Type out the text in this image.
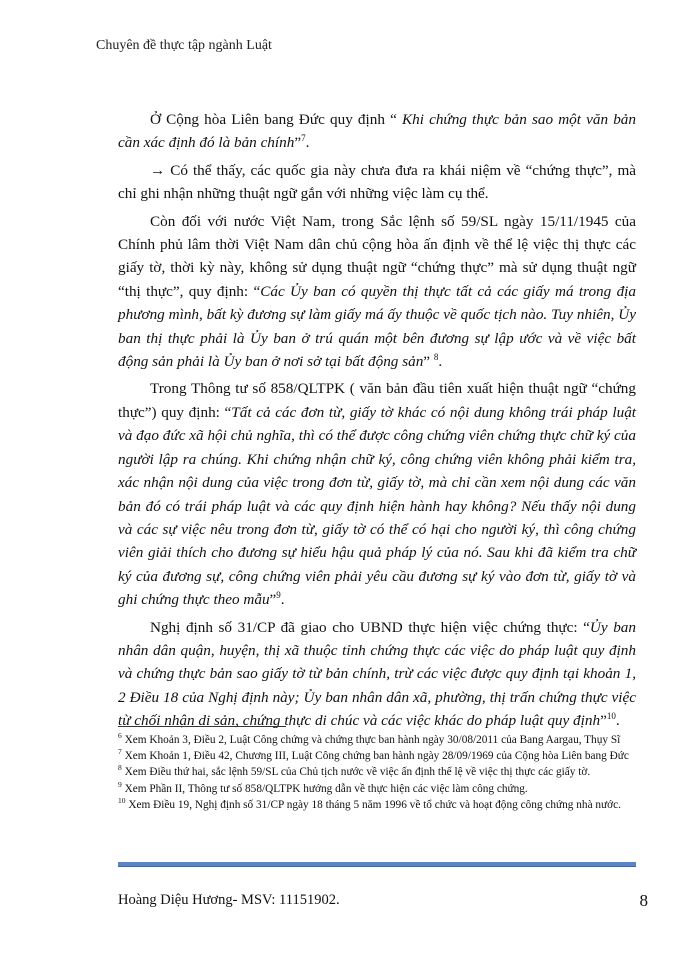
Chuyên đề thực tập ngành Luật

Ở Cộng hòa Liên bang Đức quy định “ Khi chứng thực bản sao một văn bản cần xác định đó là bản chính”$^7$.

→ Có thể thấy, các quốc gia này chưa đưa ra khái niệm về “chứng thực”, mà chỉ ghi nhận những thuật ngữ gắn với những việc làm cụ thể.

Còn đối với nước Việt Nam, trong Sắc lệnh số 59/SL ngày 15/11/1945 của Chính phủ lâm thời Việt Nam dân chủ cộng hòa ấn định về thể lệ việc thị thực các giấy tờ, thời kỳ này, không sử dụng thuật ngữ “chứng thực” mà sử dụng thuật ngữ “thị thực”, quy định: “Các Ủy ban có quyền thị thực tất cả các giấy má trong địa phương mình, bất kỳ đương sự làm giấy má ấy thuộc về quốc tịch nào. Tuy nhiên, Ủy ban thị thực phải là Ủy ban ở trú quán một bên đương sự lập ước và về việc bất động sản phải là Ủy ban ở nơi sở tại bất động sản” $^8$.

Trong Thông tư số 858/QLTPK ( văn bản đầu tiên xuất hiện thuật ngữ “chứng thực”) quy định: “Tất cả các đơn từ, giấy tờ khác có nội dung không trái pháp luật và đạo đức xã hội chủ nghĩa, thì có thể được công chứng viên chứng thực chữ ký của người lập ra chúng. Khi chứng nhận chữ ký, công chứng viên không phải kiểm tra, xác nhận nội dung của việc trong đơn từ, giấy tờ, mà chỉ cần xem nội dung các văn bản đó có trái pháp luật và các quy định hiện hành hay không? Nếu thấy nội dung và các sự việc nêu trong đơn từ, giấy tờ có thể có hại cho người ký, thì công chứng viên giải thích cho đương sự hiểu hậu quả pháp lý của nó. Sau khi đã kiểm tra chữ ký của đương sự, công chứng viên phải yêu cầu đương sự ký vào đơn từ, giấy tờ và ghi chứng thực theo mẫu”$^9$.

Nghị định số 31/CP đã giao cho UBND thực hiện việc chứng thực: “Ủy ban nhân dân quận, huyện, thị xã thuộc tỉnh chứng thực các việc do pháp luật quy định và chứng thực bản sao giấy tờ từ bản chính, trừ các việc được quy định tại khoản 1, 2 Điều 18 của Nghị định này; Ủy ban nhân dân xã, phường, thị trấn chứng thực việc từ chối nhận di sản, chứng thực di chúc và các việc khác do pháp luật quy định”$^{10}$.

$^6$ Xem Khoản 3, Điều 2, Luật Công chứng và chứng thực ban hành ngày 30/08/2011 của Bang Aargau, Thụy Sĩ

$^7$ Xem Khoản 1, Điều 42, Chương III, Luật Công chứng ban hành ngày 28/09/1969 của Cộng hòa Liên bang Đức

$^8$ Xem Điều thứ hai, sắc lệnh 59/SL của Chủ tịch nước về việc ấn định thể lệ về việc thị thực các giấy tờ.

$^9$ Xem Phần II, Thông tư số 858/QLTPK hướng dẫn về thực hiện các việc làm công chứng.

$^{10}$ Xem Điều 19, Nghị định số 31/CP ngày 18 tháng 5 năm 1996 về tổ chức và hoạt động công chứng nhà nước.

Hoàng Diệu Hương- MSV: 11151902.	8
